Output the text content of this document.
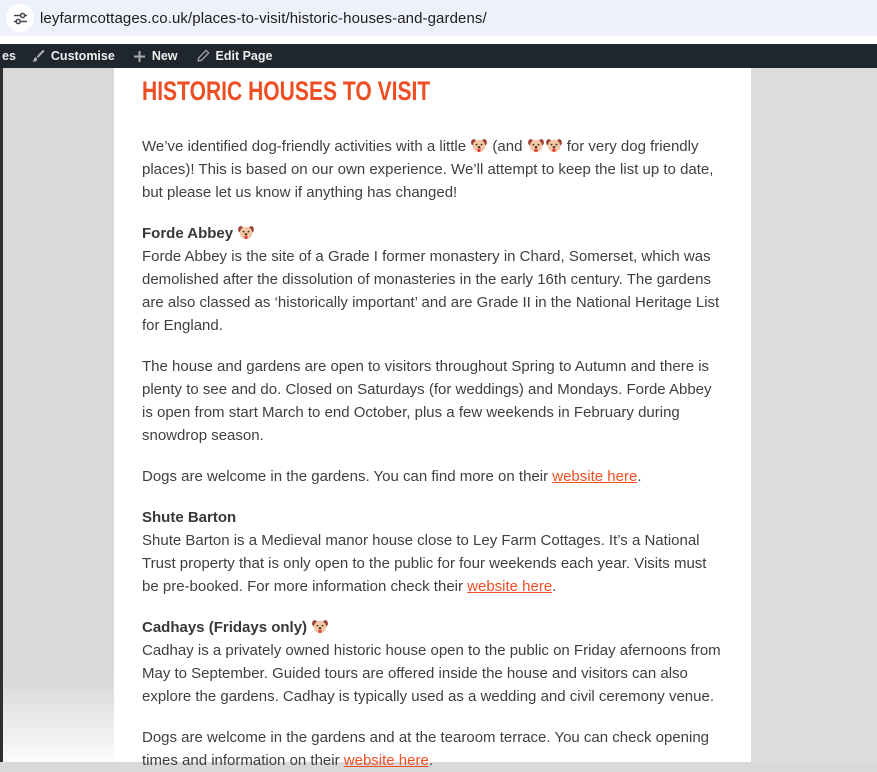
leyfarmcottages.co.uk/places-to-visit/historic-houses-and-gardens/
es	Customise	New	Edit Page
HISTORIC HOUSES TO VISIT

We’ve identified dog-friendly activities with a little
(and
for very dog friendly places)! This is based on our own experience. We’ll attempt to keep the list up to date, but please let us know if anything has changed!

Forde Abbey

Forde Abbey is the site of a Grade I former monastery in Chard, Somerset, which was demolished after the dissolution of monasteries in the early 16th century. The gardens are also classed as ‘historically important’ and are Grade II in the National Heritage List for England.

The house and gardens are open to visitors throughout Spring to Autumn and there is plenty to see and do. Closed on Saturdays (for weddings) and Mondays. Forde Abbey is open from start March to end October, plus a few weekends in February during snowdrop season.

Dogs are welcome in the gardens. You can find more on their website here.

Shute Barton

Shute Barton is a Medieval manor house close to Ley Farm Cottages. It’s a National Trust property that is only open to the public for four weekends each year. Visits must be pre-booked. For more information check their website here.

Cadhays (Fridays only)

Cadhay is a privately owned historic house open to the public on Friday afernoons from May to September. Guided tours are offered inside the house and visitors can also explore the gardens. Cadhay is typically used as a wedding and civil ceremony venue.

Dogs are welcome in the gardens and at the tearoom terrace. You can check opening times and information on their website here.
